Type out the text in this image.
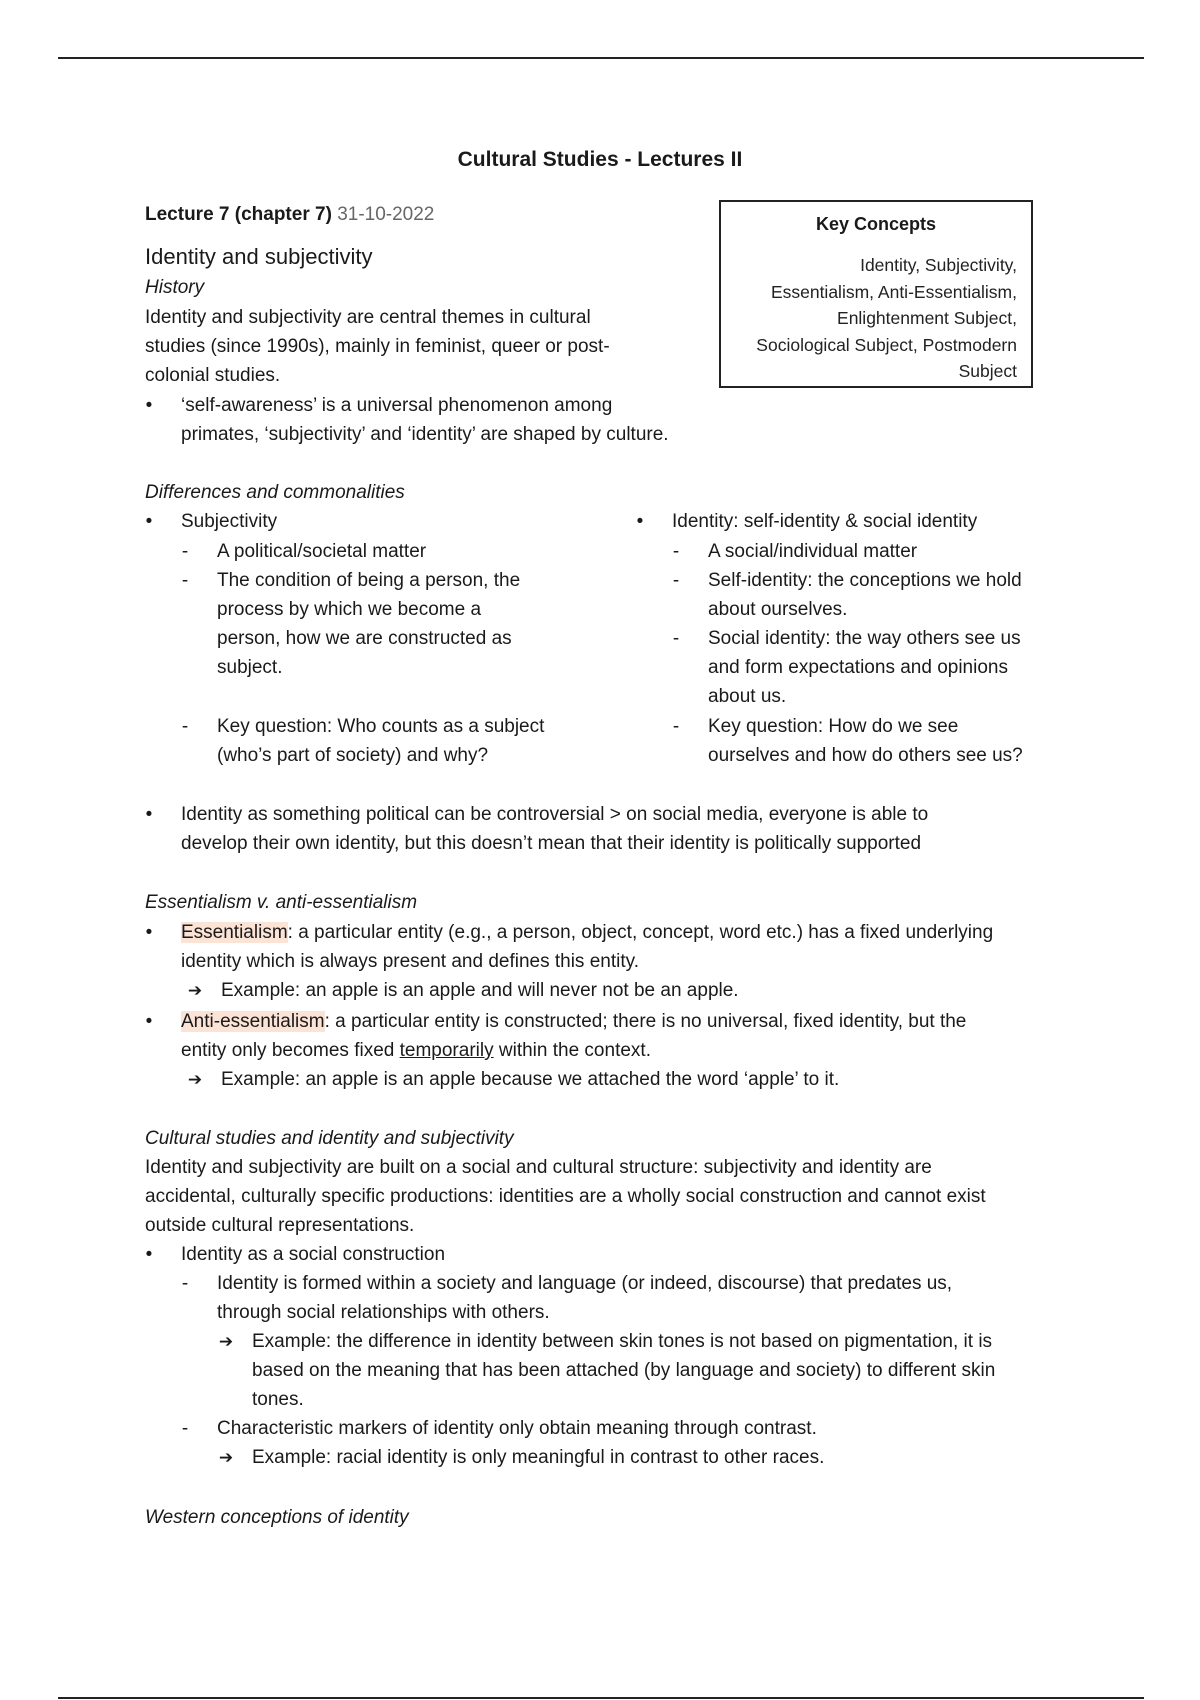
Cultural Studies - Lectures II
Lecture 7 (chapter 7) 31-10-2022
Identity and subjectivity
Key Concepts
Identity, Subjectivity,
Essentialism, Anti-Essentialism,
Enlightenment Subject,
Sociological Subject, Postmodern
Subject
History
Identity and subjectivity are central themes in cultural
studies (since 1990s), mainly in feminist, queer or post-
colonial studies.
•	‘self-awareness’ is a universal phenomenon among
primates, ‘subjectivity’ and ‘identity’ are shaped by culture.
Differences and commonalities
•	Subjectivity
-	A political/societal matter
-	The condition of being a person, the
process by which we become a
person, how we are constructed as
subject.
-	Key question: Who counts as a subject
(who’s part of society) and why?
•	Identity: self-identity & social identity
-	A social/individual matter
-	Self-identity: the conceptions we hold
about ourselves.
-	Social identity: the way others see us
and form expectations and opinions
about us.
-	Key question: How do we see
ourselves and how do others see us?
•	Identity as something political can be controversial > on social media, everyone is able to
develop their own identity, but this doesn’t mean that their identity is politically supported
Essentialism v. anti-essentialism
•	Essentialism: a particular entity (e.g., a person, object, concept, word etc.) has a fixed underlying
identity which is always present and defines this entity.
➔ Example: an apple is an apple and will never not be an apple.
•	Anti-essentialism: a particular entity is constructed; there is no universal, fixed identity, but the
entity only becomes fixed temporarily within the context.
➔ Example: an apple is an apple because we attached the word ‘apple’ to it.
Cultural studies and identity and subjectivity
Identity and subjectivity are built on a social and cultural structure: subjectivity and identity are
accidental, culturally specific productions: identities are a wholly social construction and cannot exist
outside cultural representations.
•	Identity as a social construction
-	Identity is formed within a society and language (or indeed, discourse) that predates us,
through social relationships with others.
➔ Example: the difference in identity between skin tones is not based on pigmentation, it is
based on the meaning that has been attached (by language and society) to different skin
tones.
-	Characteristic markers of identity only obtain meaning through contrast.
➔ Example: racial identity is only meaningful in contrast to other races.
Western conceptions of identity
